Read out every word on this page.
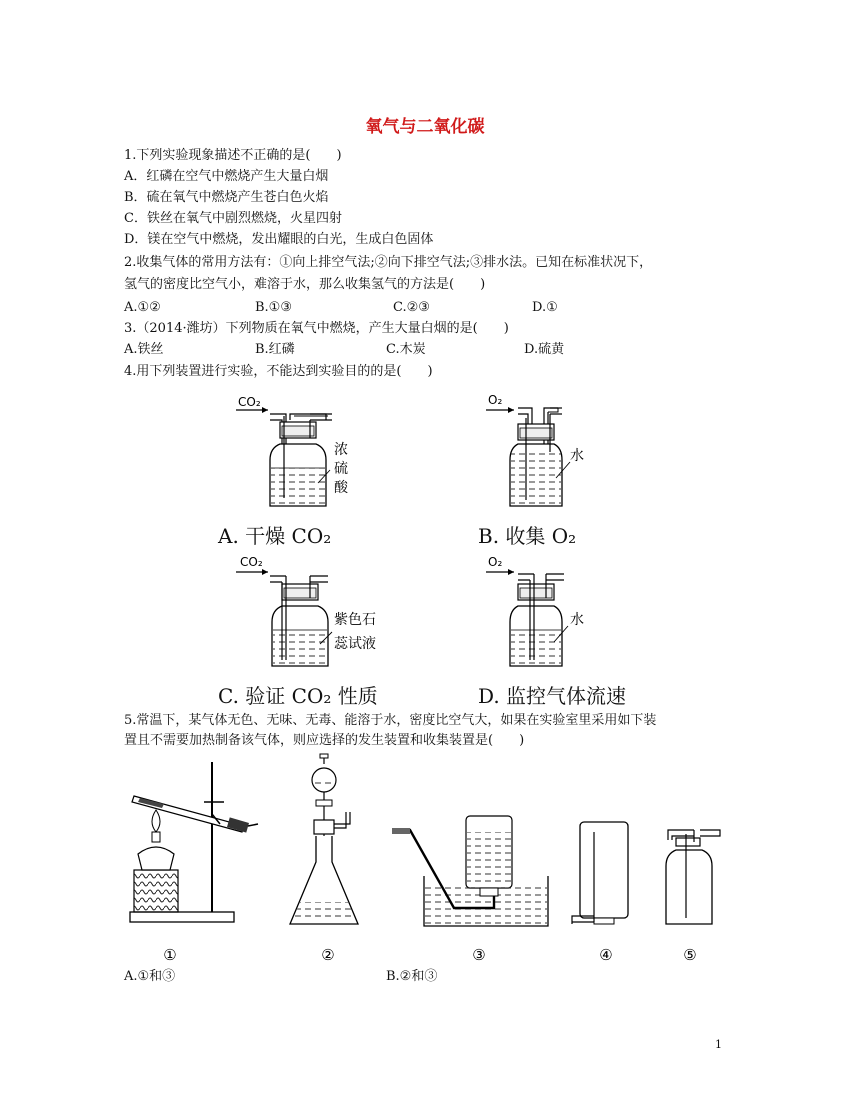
氧气与二氧化碳
1.下列实验现象描述不正确的是(　　)
A．红磷在空气中燃烧产生大量白烟
B．硫在氧气中燃烧产生苍白色火焰
C．铁丝在氧气中剧烈燃烧，火星四射
D．镁在空气中燃烧，发出耀眼的白光，生成白色固体
2.收集气体的常用方法有：①向上排空气法;②向下排空气法;③排水法。已知在标准状况下，
氢气的密度比空气小，难溶于水，那么收集氢气的方法是(　　)
A.①②	B.①③	C.②③	D.①
3.（2014·潍坊）下列物质在氧气中燃烧，产生大量白烟的是(　　)
A.铁丝	B.红磷	C.木炭	D.硫黄
4.用下列装置进行实验，不能达到实验目的的是(　　)
CO₂
浓
硫
酸
A. 干燥 CO₂
O₂
水
B. 收集 O₂
CO₂
紫色石
蕊试液
C. 验证 CO₂ 性质
O₂
水
D. 监控气体流速
5.常温下，某气体无色、无味、无毒、能溶于水，密度比空气大，如果在实验室里采用如下装
置且不需要加热制备该气体，则应选择的发生装置和收集装置是(　　)
①	②	③	④	⑤
A.①和③	B.②和③
1
